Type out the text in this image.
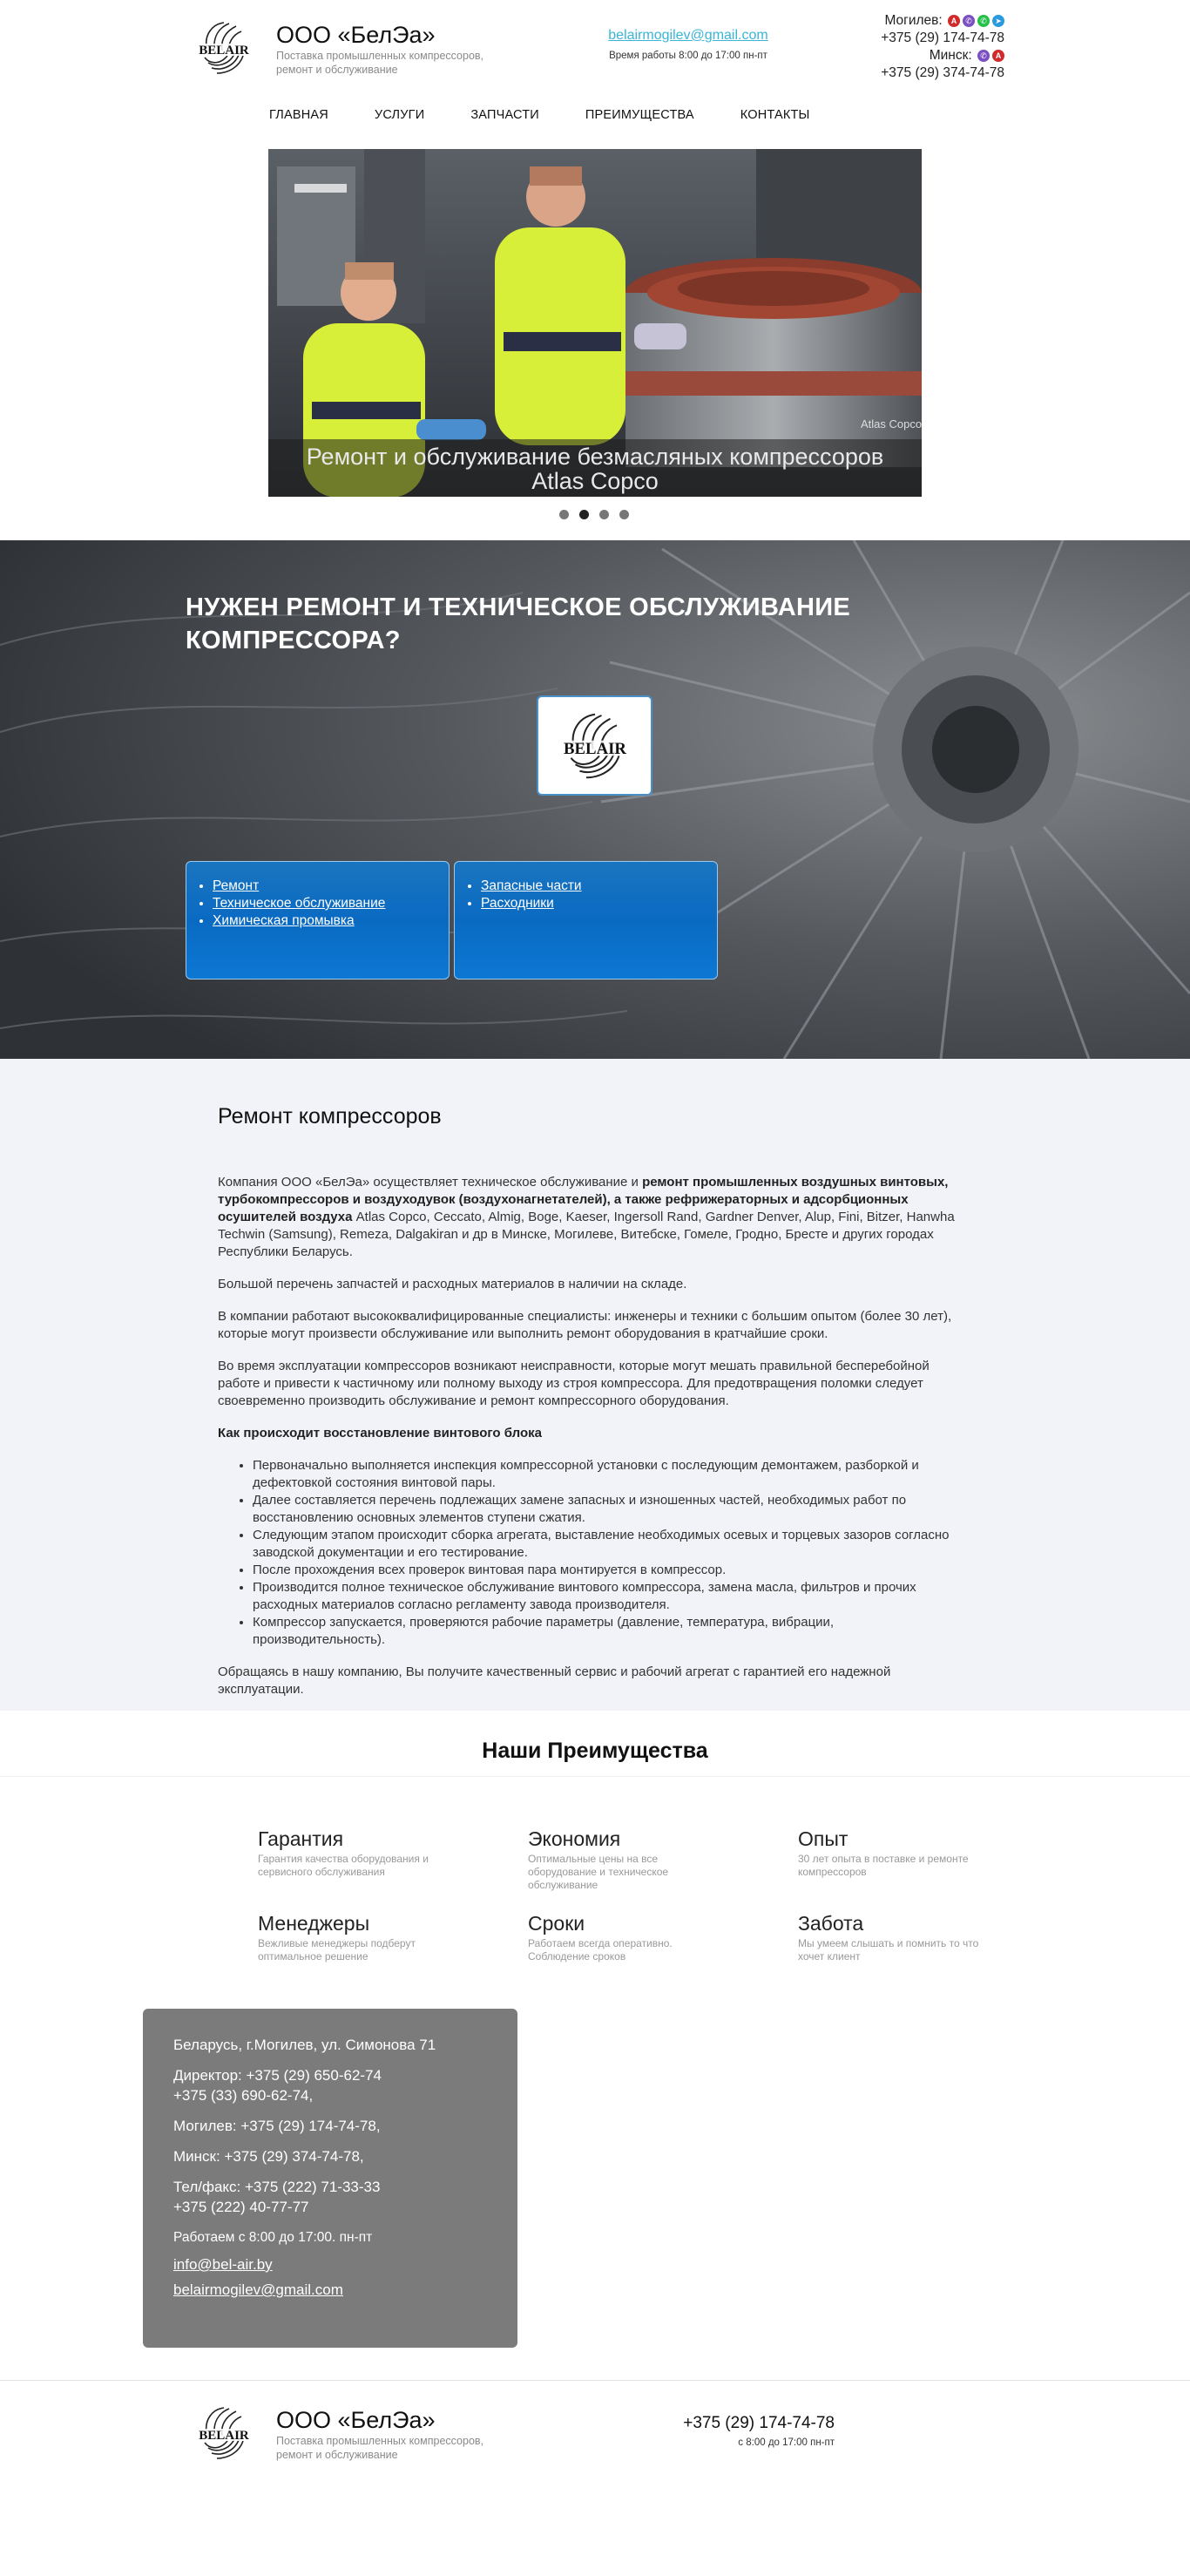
BELAIR
ООО «БелЭа»
Поставка промышленных компрессоров, ремонт и обслуживание
belairmogilev@gmail.com
Время работы 8:00 до 17:00 пн-пт
Могилев:	A	✆	✆	➤
+375 (29) 174-74-78
Минск:	✆	A
+375 (29) 374-74-78
ГЛАВНАЯ	УСЛУГИ	ЗАПЧАСТИ	ПРЕИМУЩЕСТВА	КОНТАКТЫ
Atlas Copco
Ремонт и обслуживание безмасляных компрессоров
Atlas Copco
НУЖЕН РЕМОНТ И ТЕХНИЧЕСКОЕ ОБСЛУЖИВАНИЕ
КОМПРЕССОРА?
BELAIR
• Ремонт
• Техническое обслуживание
• Химическая промывка
• Запасные части
• Расходники
Ремонт компрессоров

Компания ООО «БелЭа» осуществляет техническое обслуживание и ремонт промышленных воздушных винтовых, турбокомпрессоров и воздуходувок (воздухонагнетателей), а также рефрижераторных и адсорбционных осушителей воздуха Atlas Copco, Ceccato, Almig, Boge, Kaeser, Ingersoll Rand, Gardner Denver, Alup, Fini, Bitzer, Hanwha Techwin (Samsung), Remeza, Dalgakiran и др в Минске, Могилеве, Витебске, Гомеле, Гродно, Бресте и других городах Республики Беларусь.

Большой перечень запчастей и расходных материалов в наличии на складе.

В компании работают высококвалифицированные специалисты: инженеры и техники с большим опытом (более 30 лет), которые могут произвести обслуживание или выполнить ремонт оборудования в кратчайшие сроки.

Во время эксплуатации компрессоров возникают неисправности, которые могут мешать правильной бесперебойной работе и привести к частичному или полному выходу из строя компрессора. Для предотвращения поломки следует своевременно производить обслуживание и ремонт компрессорного оборудования.

Как происходит восстановление винтового блока

• Первоначально выполняется инспекция компрессорной установки с последующим демонтажем, разборкой и дефектовкой состояния винтовой пары.
• Далее составляется перечень подлежащих замене запасных и изношенных частей, необходимых работ по восстановлению основных элементов ступени сжатия.
• Следующим этапом происходит сборка агрегата, выставление необходимых осевых и торцевых зазоров согласно заводской документации и его тестирование.
• После прохождения всех проверок винтовая пара монтируется в компрессор.
• Производится полное техническое обслуживание винтового компрессора, замена масла, фильтров и прочих расходных материалов согласно регламенту завода производителя.
• Компрессор запускается, проверяются рабочие параметры (давление, температура, вибрации, производительность).

Обращаясь в нашу компанию, Вы получите качественный сервис и рабочий агрегат с гарантией его надежной эксплуатации.

Наши Преимущества
Гарантия
Гарантия качества оборудования и сервисного обслуживания
Экономия
Оптимальные цены на все оборудование и техническое обслуживание
Опыт
30 лет опыта в поставке и ремонте компрессоров
Менеджеры
Вежливые менеджеры подберут оптимальное решение
Сроки
Работаем всегда оперативно. Соблюдение сроков
Забота
Мы умеем слышать и помнить то что хочет клиент

Беларусь, г.Могилев, ул. Симонова 71

Директор: +375 (29) 650-62-74
+375 (33) 690-62-74,

Могилев: +375 (29) 174-74-78,

Минск: +375 (29) 374-74-78,

Тел/факс: +375 (222) 71-33-33
+375 (222) 40-77-77

Работаем с 8:00 до 17:00. пн-пт

info@bel-air.by
belairmogilev@gmail.com
BELAIR
ООО «БелЭа»
Поставка промышленных компрессоров, ремонт и обслуживание
+375 (29) 174-74-78
с 8:00 до 17:00 пн-пт
